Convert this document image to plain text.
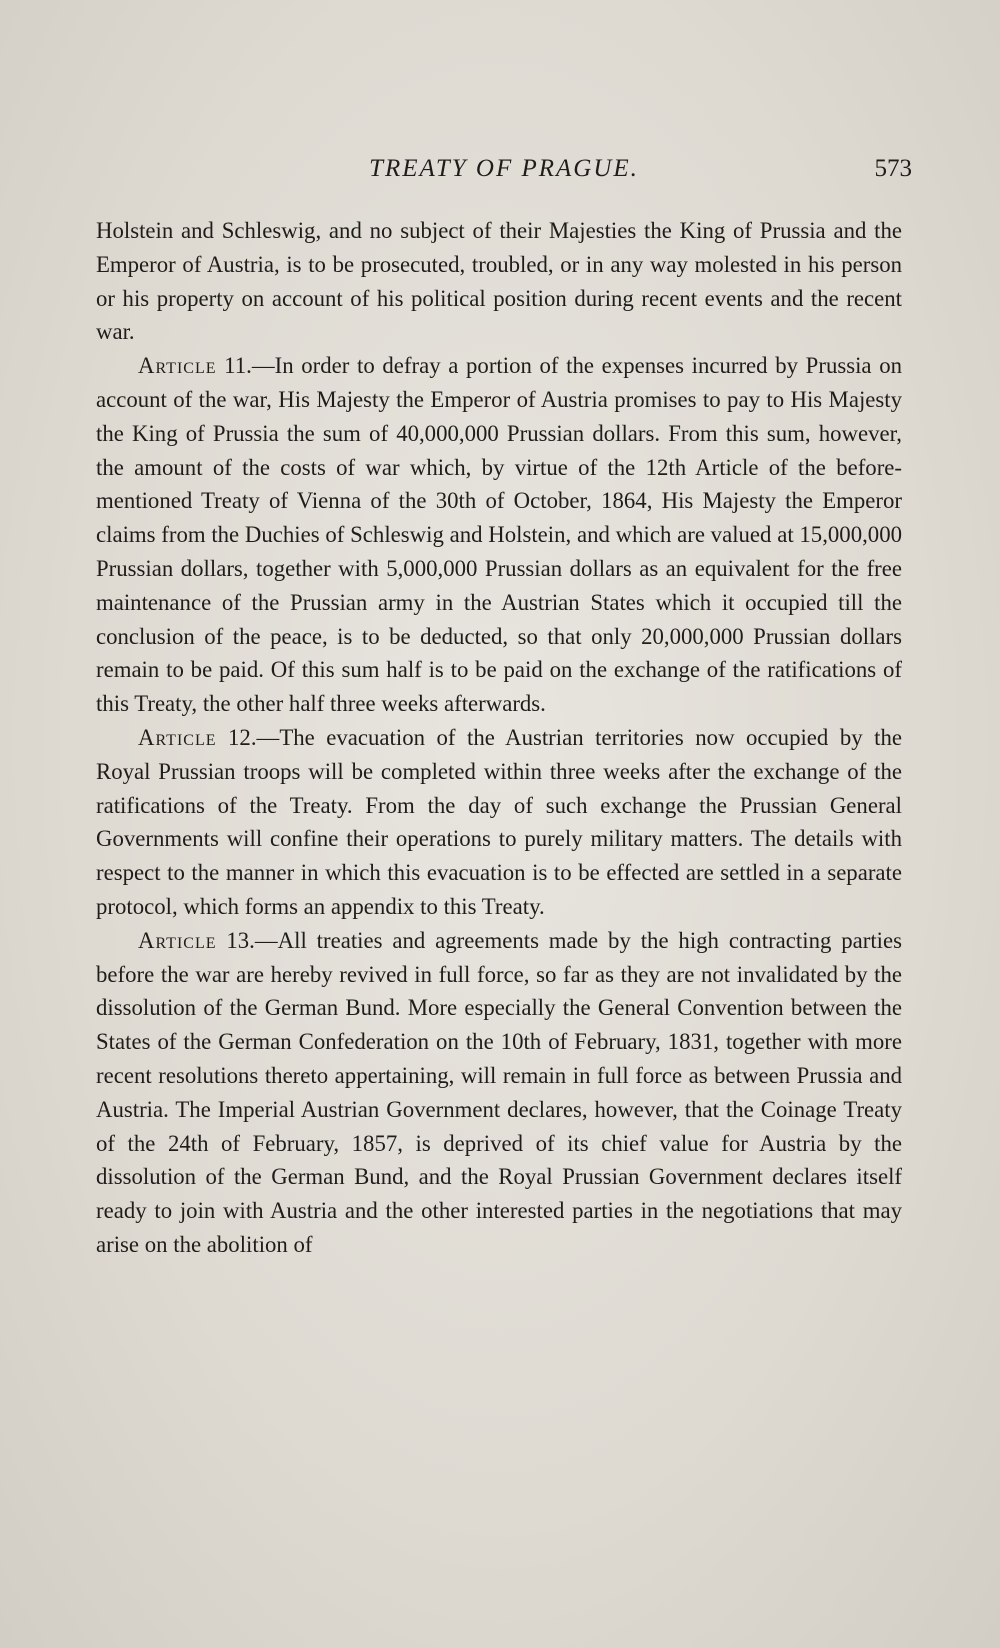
TREATY OF PRAGUE.	573

Holstein and Schleswig, and no subject of their Majesties the King of Prussia and the Emperor of Austria, is to be prosecuted, troubled, or in any way molested in his person or his property on account of his political position during recent events and the recent war.

Article 11.—In order to defray a portion of the expenses incurred by Prussia on account of the war, His Majesty the Emperor of Austria promises to pay to His Majesty the King of Prussia the sum of 40,000,000 Prussian dollars. From this sum, however, the amount of the costs of war which, by virtue of the 12th Article of the before-mentioned Treaty of Vienna of the 30th of October, 1864, His Majesty the Emperor claims from the Duchies of Schleswig and Holstein, and which are valued at 15,000,000 Prussian dollars, together with 5,000,000 Prussian dollars as an equivalent for the free maintenance of the Prussian army in the Austrian States which it occupied till the conclusion of the peace, is to be deducted, so that only 20,000,000 Prussian dollars remain to be paid. Of this sum half is to be paid on the exchange of the ratifications of this Treaty, the other half three weeks afterwards.

Article 12.—The evacuation of the Austrian territories now occupied by the Royal Prussian troops will be completed within three weeks after the exchange of the ratifications of the Treaty. From the day of such exchange the Prussian General Governments will confine their operations to purely military matters. The details with respect to the manner in which this evacuation is to be effected are settled in a separate protocol, which forms an appendix to this Treaty.

Article 13.—All treaties and agreements made by the high contracting parties before the war are hereby revived in full force, so far as they are not invalidated by the dissolution of the German Bund. More especially the General Convention between the States of the German Confederation on the 10th of February, 1831, together with more recent resolutions thereto appertaining, will remain in full force as between Prussia and Austria. The Imperial Austrian Government declares, however, that the Coinage Treaty of the 24th of February, 1857, is deprived of its chief value for Austria by the dissolution of the German Bund, and the Royal Prussian Government declares itself ready to join with Austria and the other interested parties in the negotiations that may arise on the abolition of
